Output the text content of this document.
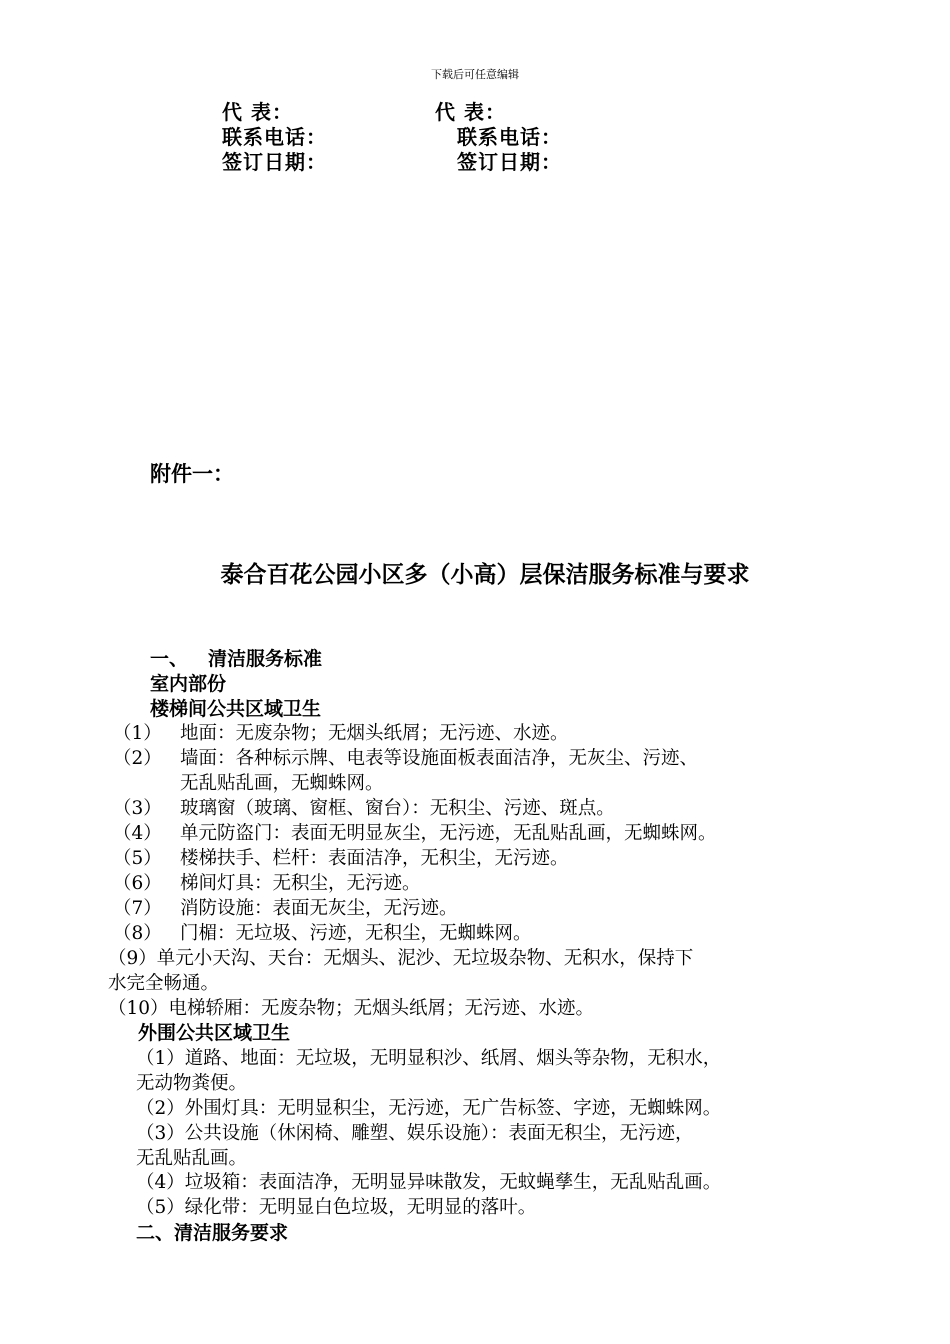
下载后可任意编辑
代 表：
联系电话：
签订日期：
代 表：
联系电话：
签订日期：
附件一：
泰合百花公园小区多（小高）层保洁服务标准与要求
一、 清洁服务标准
室内部份
楼梯间公共区域卫生
（1） 地面：无废杂物；无烟头纸屑；无污迹、水迹。
（2） 墙面：各种标示牌、电表等设施面板表面洁净，无灰尘、污迹、
无乱贴乱画，无蜘蛛网。
（3） 玻璃窗（玻璃、窗框、窗台）：无积尘、污迹、斑点。
（4） 单元防盗门：表面无明显灰尘，无污迹，无乱贴乱画，无蜘蛛网。
（5） 楼梯扶手、栏杆：表面洁净，无积尘，无污迹。
（6） 梯间灯具：无积尘，无污迹。
（7） 消防设施：表面无灰尘，无污迹。
（8） 门楣：无垃圾、污迹，无积尘，无蜘蛛网。
（9）单元小天沟、天台：无烟头、泥沙、无垃圾杂物、无积水，保持下
水完全畅通。
（10）电梯轿厢：无废杂物；无烟头纸屑；无污迹、水迹。
外围公共区域卫生
（1）道路、地面：无垃圾，无明显积沙、纸屑、烟头等杂物，无积水，
无动物粪便。
（2）外围灯具：无明显积尘，无污迹，无广告标签、字迹，无蜘蛛网。
（3）公共设施（休闲椅、雕塑、娱乐设施）：表面无积尘，无污迹，
无乱贴乱画。
（4）垃圾箱：表面洁净，无明显异味散发，无蚊蝇孳生，无乱贴乱画。
（5）绿化带：无明显白色垃圾，无明显的落叶。
二、清洁服务要求
